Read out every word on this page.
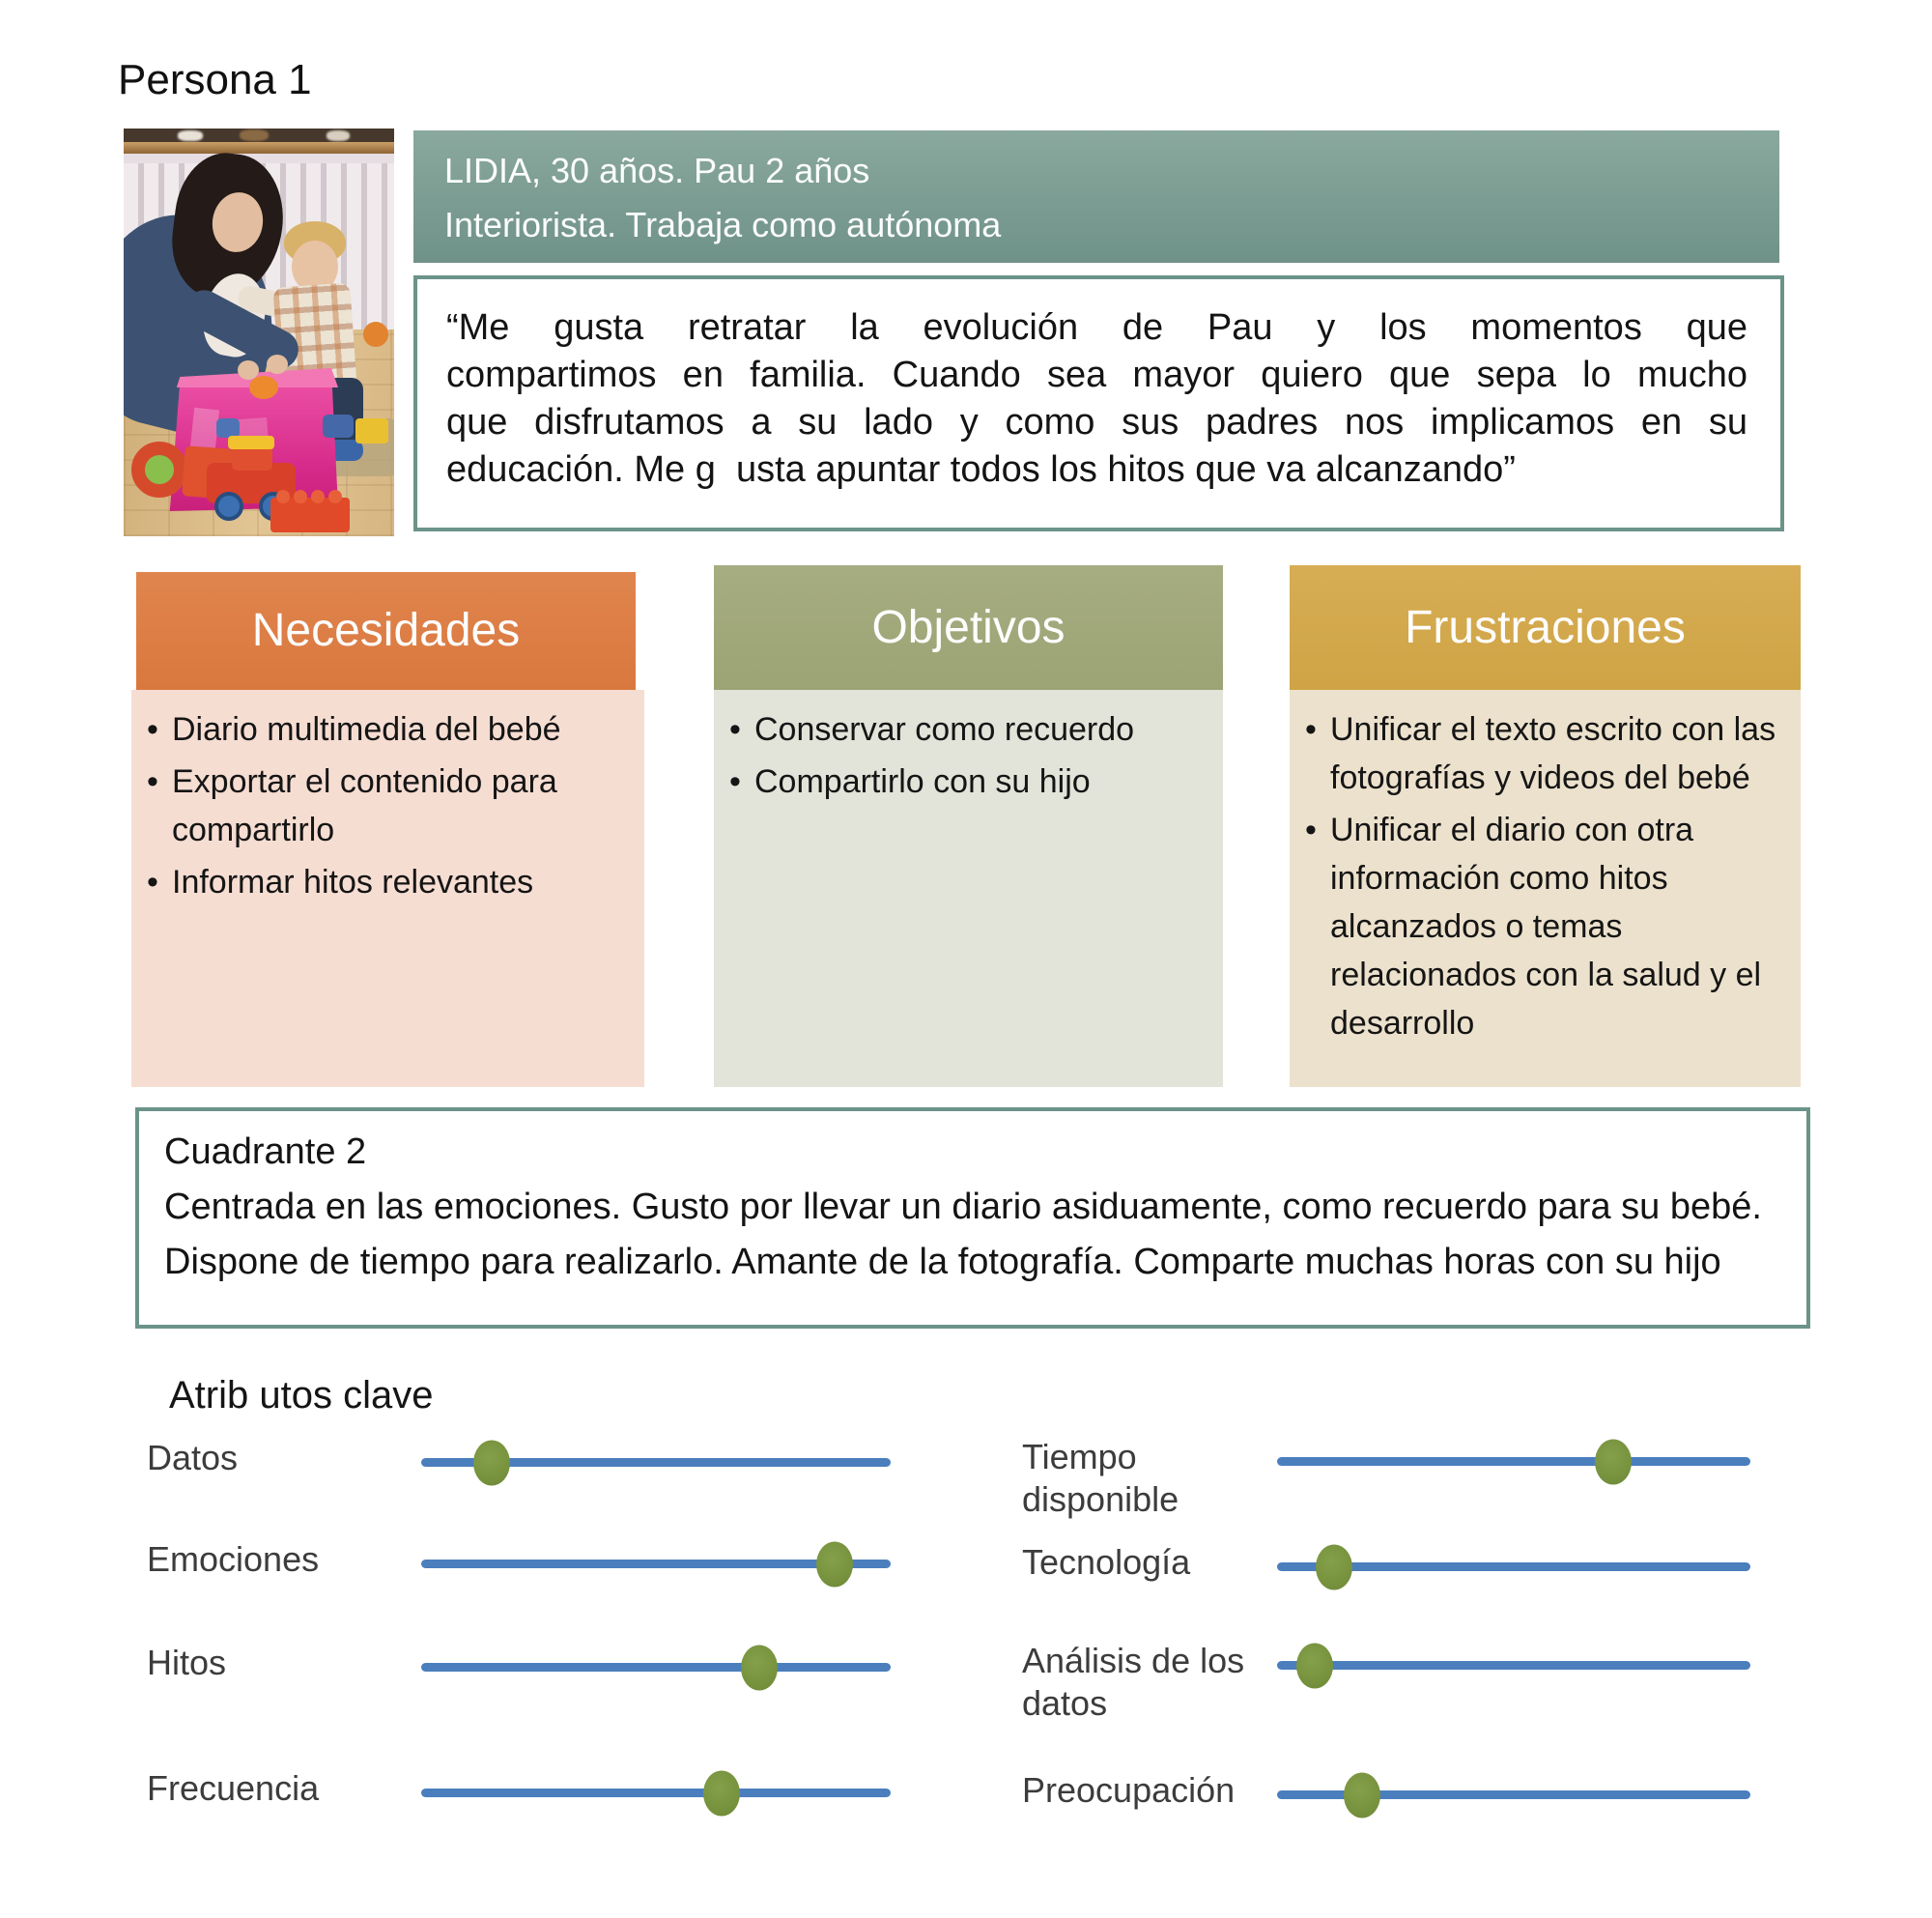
Persona 1
LIDIA, 30 años. Pau 2 años
Interiorista. Trabaja como autónoma
“Me gusta retratar la evolución de Pau y los momentos que
compartimos en familia. Cuando sea mayor quiero que sepa lo mucho
que disfrutamos a su lado y como sus padres nos implicamos en su
educación. Me g  usta apuntar todos los hitos que va alcanzando”
Necesidades
• Diario multimedia del bebé
• Exportar el contenido para compartirlo
• Informar hitos relevantes
Objetivos
• Conservar como recuerdo
• Compartirlo con su hijo
Frustraciones
• Unificar el texto escrito con las fotografías y videos del bebé
• Unificar el diario con otra información como hitos alcanzados o temas relacionados con la salud y el desarrollo
Cuadrante 2
Centrada en las emociones. Gusto por llevar un diario asiduamente, como recuerdo para su bebé. Dispone de tiempo para realizarlo. Amante de la fotografía. Comparte muchas horas con su hijo
Atrib utos clave
Datos
Emociones
Hitos
Frecuencia
Tiempo disponible
Tecnología
Análisis de los datos
Preocupación
